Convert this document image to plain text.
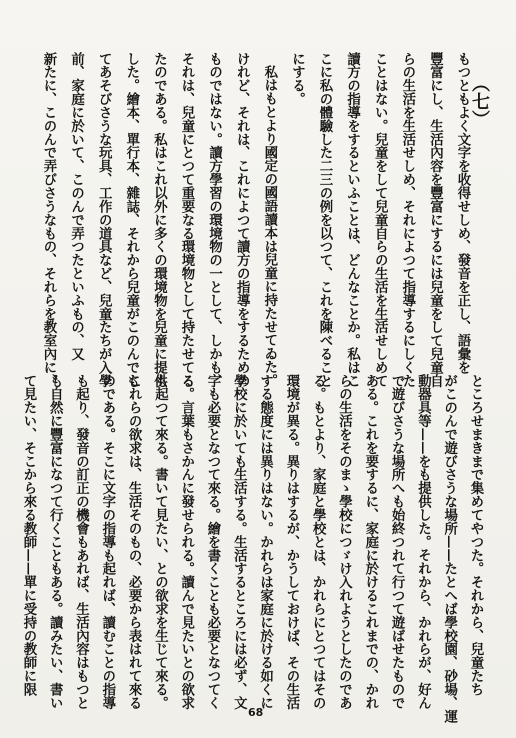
（七）
もつともよく文字を收得せしめ、發音を正し、語彙を
豐富にし、生活內容を豐富にするには兒童をして兒童自
らの生活を生活せしめ、それによつて指導するにしくた
ことはない。兒童をして兒童自らの生活を生活せしめて
讀方の指導をするといふことは、どんなことか。私はこ
こに私の體驗した二三の例を以つて、これを陳べること
にする。
私はもとより國定の國語讀本は兒童に持たせてゐた。
けれど、それは、これによつて讀方の指導をするための
ものではない。讀方學習の環境物の一として、しかも、
それは、兒童にとつて重要なる環境物として持たせてる
たのである。私はこれ以外に多くの環境物を兒童に提供
した。繪本、單行本、雜誌、それから兒童がこのんでも
てあそびさうな玩具、工作の道具など、兒童たちが入學
前、家庭に於いて、このんで弄つたといふもの、又
新たに、このんで弄びさうなもの、それらを教室內に、
ところせまきまで集めてやつた。それから、兒童たち
がこのんで遊びさうな場所——たとへば學校園、砂場、運
動器具等——をも提供した。それから、かれらが、好ん
で遊びさうな場所へも始終つれて行つて遊ばせたもので
ある。これを要するに、家庭に於けるこれまでの、かれ
らの生活をそのまゝ學校につゞけ入れようとしたのであ
る。もとより、家庭と學校とは、かれらにとつてはその
環境が異る。異りはするが、かうしておけば、その生活
する態度には異りはない。かれらは家庭に於ける如くに
學校に於いても生活する。生活するところには必ず、文
字も必要となつて來る。繪を書くことも必要となつてく
る。言葉もさかんに發せられる。讀んで見たいとの欲求
も起つて來る。書いて見たい、との欲求を生じて來る。
これらの欲求は、生活そのもの、必要から表はれて來る
のである。そこに文字の指導も起れば、讀むことの指導
も起り、發音の訂正の機會もあれば、生活內容はもつと
も自然に豐富になつて行くこともある。讀みたい、書い
て見たい、そこから來る教師——單に受持の教師に限
68
